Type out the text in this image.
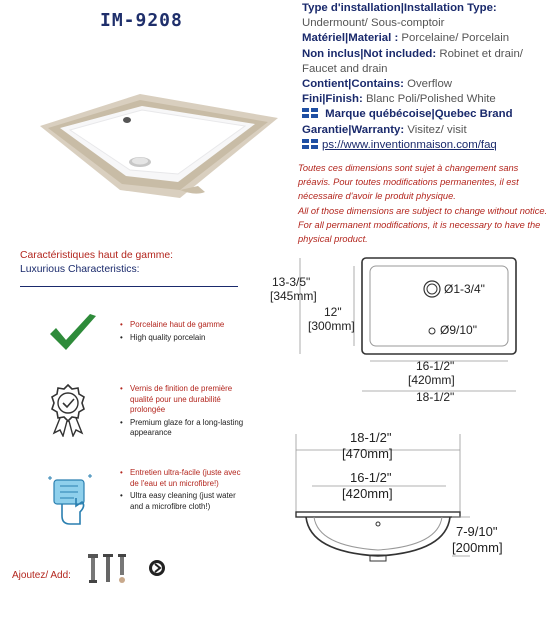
IM-9208

Type d'installation|Installation Type:

Undermount/ Sous-comptoir

Matériel|Material : Porcelaine/ Porcelain

Non inclus|Not included: Robinet et drain/ Faucet and drain

Contient|Contains: Overflow

Fini|Finish: Blanc Poli/Polished White

Marque québécoise|Quebec Brand

Garantie|Warranty: Visitez/ visit

ps://www.inventionmaison.com/faq

Toutes ces dimensions sont sujet à changement sans préavis. Pour toutes modifications permanentes, il est nécessaire d'avoir le produit physique.
All of those dimensions are subject to change without notice. For all permanent modifications, it is necessary to have the physical product.
Caractéristiques haut de gamme:
Luxurious Characteristics:
• Porcelaine haut de gamme
• High quality porcelain
• Vernis de finition de première qualité pour une durabilité prolongée
• Premium glaze for a long-lasting appearance
• Entretien ultra-facile (juste avec de l'eau et un microfibre!)
• Ultra easy cleaning (just water and a microfibre cloth!)
Ajoutez/ Add:
13-3/5"
[345mm]
12"
[300mm]
Ø1-3/4"
Ø9/10"
16-1/2"
[420mm]
18-1/2"
18-1/2"
[470mm]
16-1/2"
[420mm]
7-9/10"
[200mm]
